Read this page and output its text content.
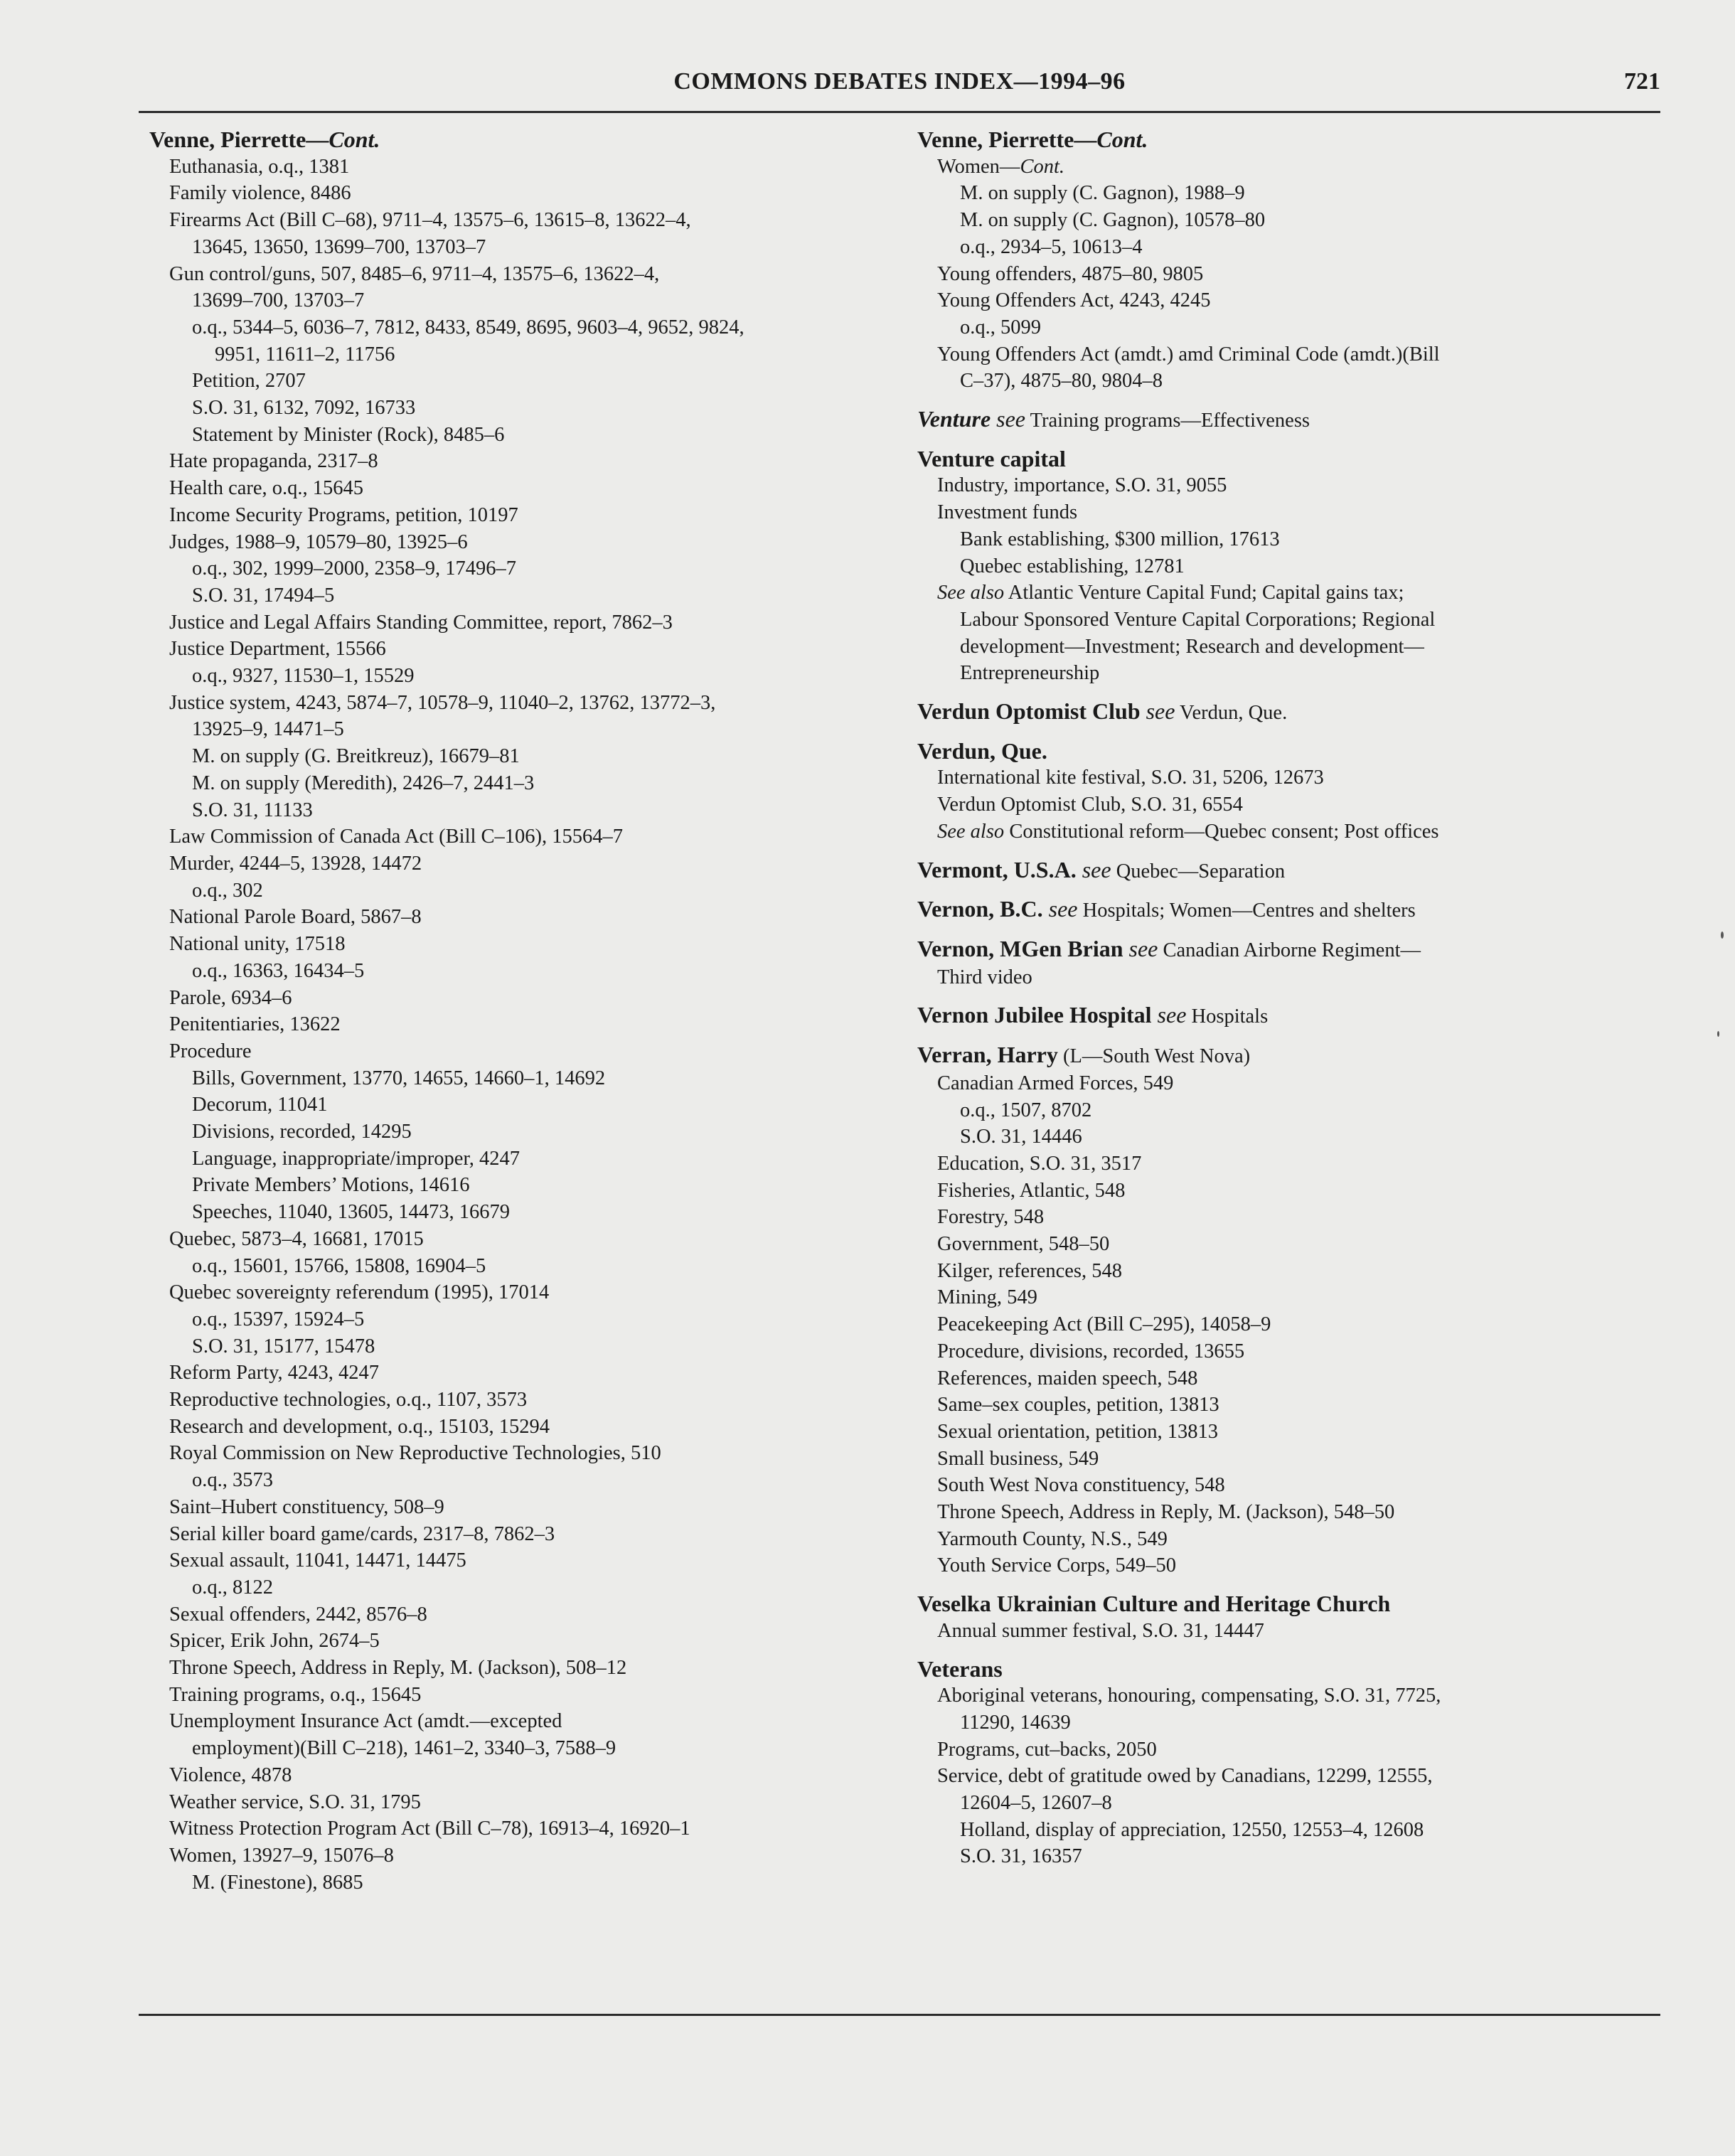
COMMONS DEBATES INDEX—1994–96	721
Venne, Pierrette—Cont.
Euthanasia, o.q., 1381
Family violence, 8486
Firearms Act (Bill C–68), 9711–4, 13575–6, 13615–8, 13622–4,
13645, 13650, 13699–700, 13703–7
Gun control/guns, 507, 8485–6, 9711–4, 13575–6, 13622–4,
13699–700, 13703–7
o.q., 5344–5, 6036–7, 7812, 8433, 8549, 8695, 9603–4, 9652, 9824,
9951, 11611–2, 11756
Petition, 2707
S.O. 31, 6132, 7092, 16733
Statement by Minister (Rock), 8485–6
Hate propaganda, 2317–8
Health care, o.q., 15645
Income Security Programs, petition, 10197
Judges, 1988–9, 10579–80, 13925–6
o.q., 302, 1999–2000, 2358–9, 17496–7
S.O. 31, 17494–5
Justice and Legal Affairs Standing Committee, report, 7862–3
Justice Department, 15566
o.q., 9327, 11530–1, 15529
Justice system, 4243, 5874–7, 10578–9, 11040–2, 13762, 13772–3,
13925–9, 14471–5
M. on supply (G. Breitkreuz), 16679–81
M. on supply (Meredith), 2426–7, 2441–3
S.O. 31, 11133
Law Commission of Canada Act (Bill C–106), 15564–7
Murder, 4244–5, 13928, 14472
o.q., 302
National Parole Board, 5867–8
National unity, 17518
o.q., 16363, 16434–5
Parole, 6934–6
Penitentiaries, 13622
Procedure
Bills, Government, 13770, 14655, 14660–1, 14692
Decorum, 11041
Divisions, recorded, 14295
Language, inappropriate/improper, 4247
Private Members’ Motions, 14616
Speeches, 11040, 13605, 14473, 16679
Quebec, 5873–4, 16681, 17015
o.q., 15601, 15766, 15808, 16904–5
Quebec sovereignty referendum (1995), 17014
o.q., 15397, 15924–5
S.O. 31, 15177, 15478
Reform Party, 4243, 4247
Reproductive technologies, o.q., 1107, 3573
Research and development, o.q., 15103, 15294
Royal Commission on New Reproductive Technologies, 510
o.q., 3573
Saint–Hubert constituency, 508–9
Serial killer board game/cards, 2317–8, 7862–3
Sexual assault, 11041, 14471, 14475
o.q., 8122
Sexual offenders, 2442, 8576–8
Spicer, Erik John, 2674–5
Throne Speech, Address in Reply, M. (Jackson), 508–12
Training programs, o.q., 15645
Unemployment Insurance Act (amdt.—excepted
employment)(Bill C–218), 1461–2, 3340–3, 7588–9
Violence, 4878
Weather service, S.O. 31, 1795
Witness Protection Program Act (Bill C–78), 16913–4, 16920–1
Women, 13927–9, 15076–8
M. (Finestone), 8685
Venne, Pierrette—Cont.
Women—Cont.
M. on supply (C. Gagnon), 1988–9
M. on supply (C. Gagnon), 10578–80
o.q., 2934–5, 10613–4
Young offenders, 4875–80, 9805
Young Offenders Act, 4243, 4245
o.q., 5099
Young Offenders Act (amdt.) amd Criminal Code (amdt.)(Bill
C–37), 4875–80, 9804–8
Venture see Training programs—Effectiveness
Venture capital
Industry, importance, S.O. 31, 9055
Investment funds
Bank establishing, $300 million, 17613
Quebec establishing, 12781
See also Atlantic Venture Capital Fund; Capital gains tax;
Labour Sponsored Venture Capital Corporations; Regional
development—Investment; Research and development—
Entrepreneurship
Verdun Optomist Club see Verdun, Que.
Verdun, Que.
International kite festival, S.O. 31, 5206, 12673
Verdun Optomist Club, S.O. 31, 6554
See also Constitutional reform—Quebec consent; Post offices
Vermont, U.S.A. see Quebec—Separation
Vernon, B.C. see Hospitals; Women—Centres and shelters
Vernon, MGen Brian see Canadian Airborne Regiment—
Third video
Vernon Jubilee Hospital see Hospitals
Verran, Harry (L—South West Nova)
Canadian Armed Forces, 549
o.q., 1507, 8702
S.O. 31, 14446
Education, S.O. 31, 3517
Fisheries, Atlantic, 548
Forestry, 548
Government, 548–50
Kilger, references, 548
Mining, 549
Peacekeeping Act (Bill C–295), 14058–9
Procedure, divisions, recorded, 13655
References, maiden speech, 548
Same–sex couples, petition, 13813
Sexual orientation, petition, 13813
Small business, 549
South West Nova constituency, 548
Throne Speech, Address in Reply, M. (Jackson), 548–50
Yarmouth County, N.S., 549
Youth Service Corps, 549–50
Veselka Ukrainian Culture and Heritage Church
Annual summer festival, S.O. 31, 14447
Veterans
Aboriginal veterans, honouring, compensating, S.O. 31, 7725,
11290, 14639
Programs, cut–backs, 2050
Service, debt of gratitude owed by Canadians, 12299, 12555,
12604–5, 12607–8
Holland, display of appreciation, 12550, 12553–4, 12608
S.O. 31, 16357
